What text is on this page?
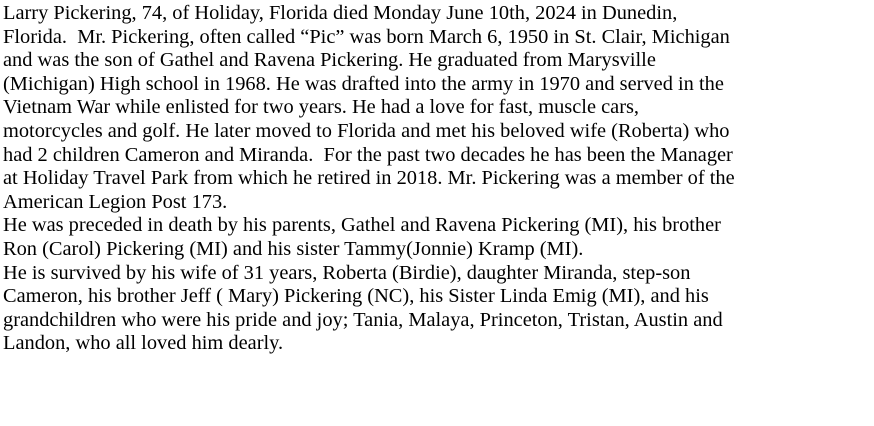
Larry Pickering, 74, of Holiday, Florida died Monday June 10th, 2024 in Dunedin,
Florida.  Mr. Pickering, often called “Pic” was born March 6, 1950 in St. Clair, Michigan
and was the son of Gathel and Ravena Pickering. He graduated from Marysville
(Michigan) High school in 1968. He was drafted into the army in 1970 and served in the
Vietnam War while enlisted for two years. He had a love for fast, muscle cars,
motorcycles and golf. He later moved to Florida and met his beloved wife (Roberta) who
had 2 children Cameron and Miranda.  For the past two decades he has been the Manager
at Holiday Travel Park from which he retired in 2018. Mr. Pickering was a member of the
American Legion Post 173.
He was preceded in death by his parents, Gathel and Ravena Pickering (MI), his brother
Ron (Carol) Pickering (MI) and his sister Tammy(Jonnie) Kramp (MI).
He is survived by his wife of 31 years, Roberta (Birdie), daughter Miranda, step-son
Cameron, his brother Jeff ( Mary) Pickering (NC), his Sister Linda Emig (MI), and his
grandchildren who were his pride and joy; Tania, Malaya, Princeton, Tristan, Austin and
Landon, who all loved him dearly.
